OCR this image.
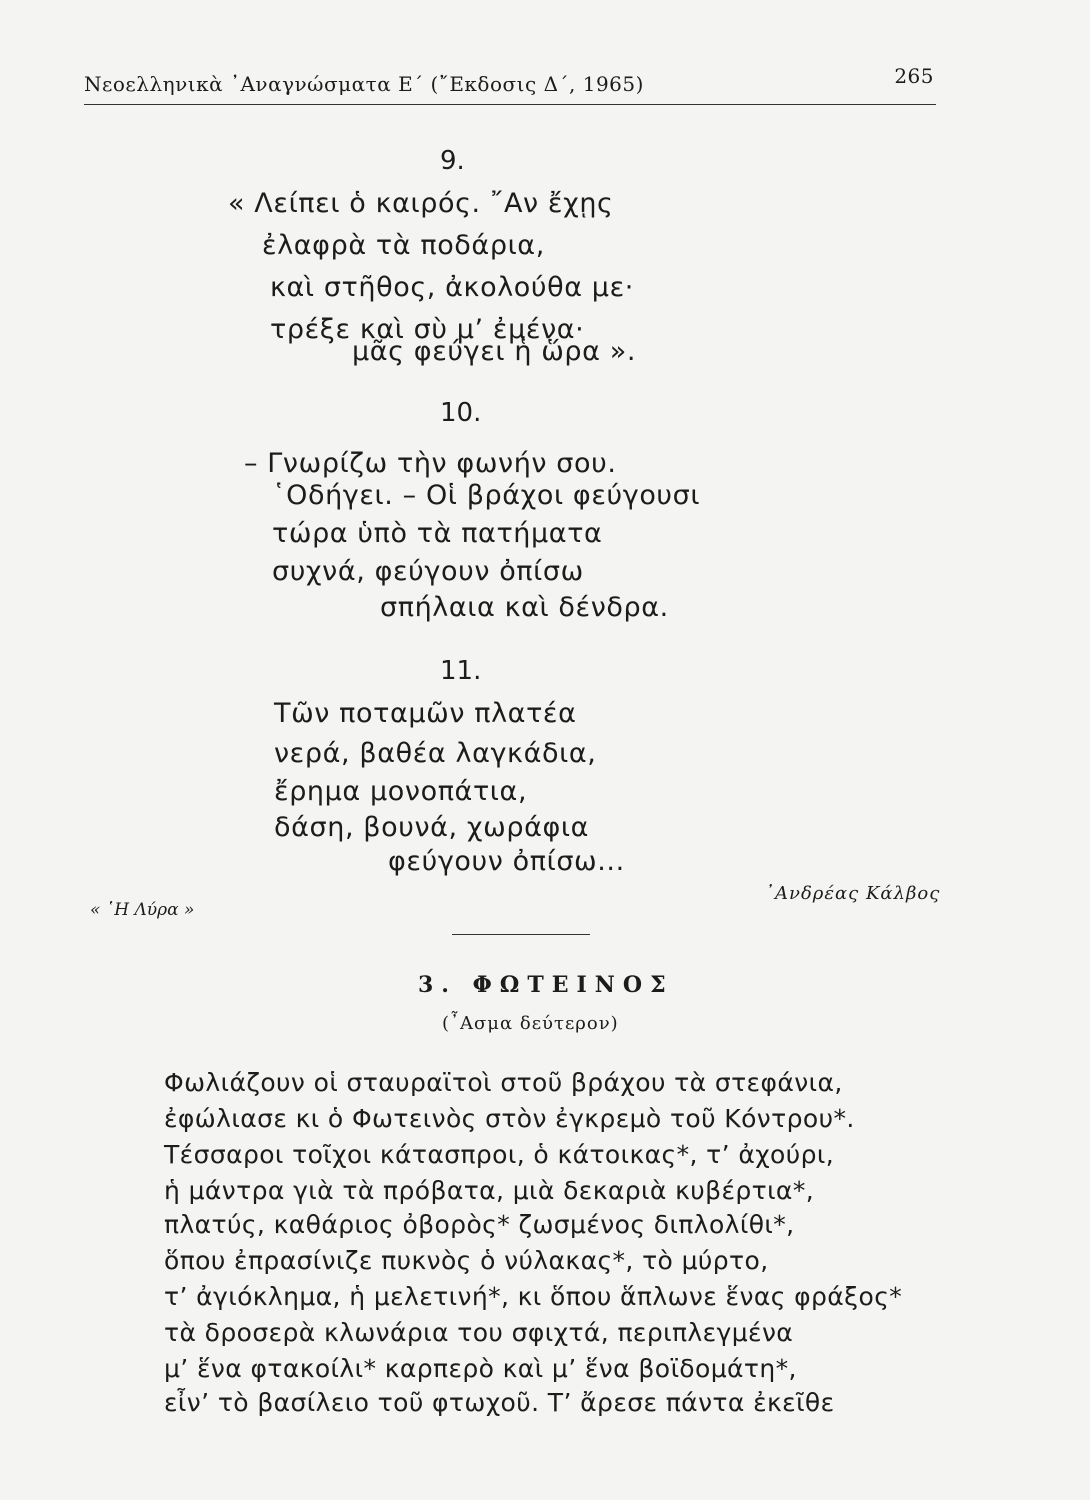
Νεοελληνικὰ ᾿Αναγνώσματα Ε΄ (῎Εκδοσις Δ΄, 1965)	265
9.
« Λείπει ὁ καιρός. ῎Αν ἔχῃς
ἐλαφρὰ τὰ ποδάρια,
καὶ στῆθος, ἀκολούθα με·
τρέξε καὶ σὺ μ’ ἐμένα·
μᾶς φεύγει ἡ ὥρα ».
10.
– Γνωρίζω τὴν φωνήν σου.
῾Οδήγει. – Οἱ βράχοι φεύγουσι
τώρα ὑπὸ τὰ πατήματα
συχνά, φεύγουν ὀπίσω
σπήλαια καὶ δένδρα.
11.
Τῶν ποταμῶν πλατέα
νερά, βαθέα λαγκάδια,
ἔρημα μονοπάτια,
δάση, βουνά, χωράφια
φεύγουν ὀπίσω...
« ῾Η Λύρα »
᾿Ανδρέας Κάλβος
3. ΦΩΤΕΙΝΟΣ
(῏Ασμα δεύτερον)
Φωλιάζουν οἱ σταυραϊτοὶ στοῦ βράχου τὰ στεφάνια,
ἐφώλιασε κι ὁ Φωτεινὸς στὸν ἐγκρεμὸ τοῦ Κόντρου*.
Τέσσαροι τοῖχοι κάτασπροι, ὁ κάτοικας*, τ’ ἀχούρι,
ἡ μάντρα γιὰ τὰ πρόβατα, μιὰ δεκαριὰ κυβέρτια*,
πλατύς, καθάριος ὀβορὸς* ζωσμένος διπλολίθι*,
ὅπου ἐπρασίνιζε πυκνὸς ὁ νύλακας*, τὸ μύρτο,
τ’ ἀγιόκλημα, ἡ μελετινή*, κι ὅπου ἅπλωνε ἕνας φράξος*
τὰ δροσερὰ κλωνάρια του σφιχτά, περιπλεγμένα
μ’ ἕνα φτακοίλι* καρπερὸ καὶ μ’ ἕνα βοϊδομάτη*,
εἶν’ τὸ βασίλειο τοῦ φτωχοῦ. Τ’ ἄρεσε πάντα ἐκεῖθε
